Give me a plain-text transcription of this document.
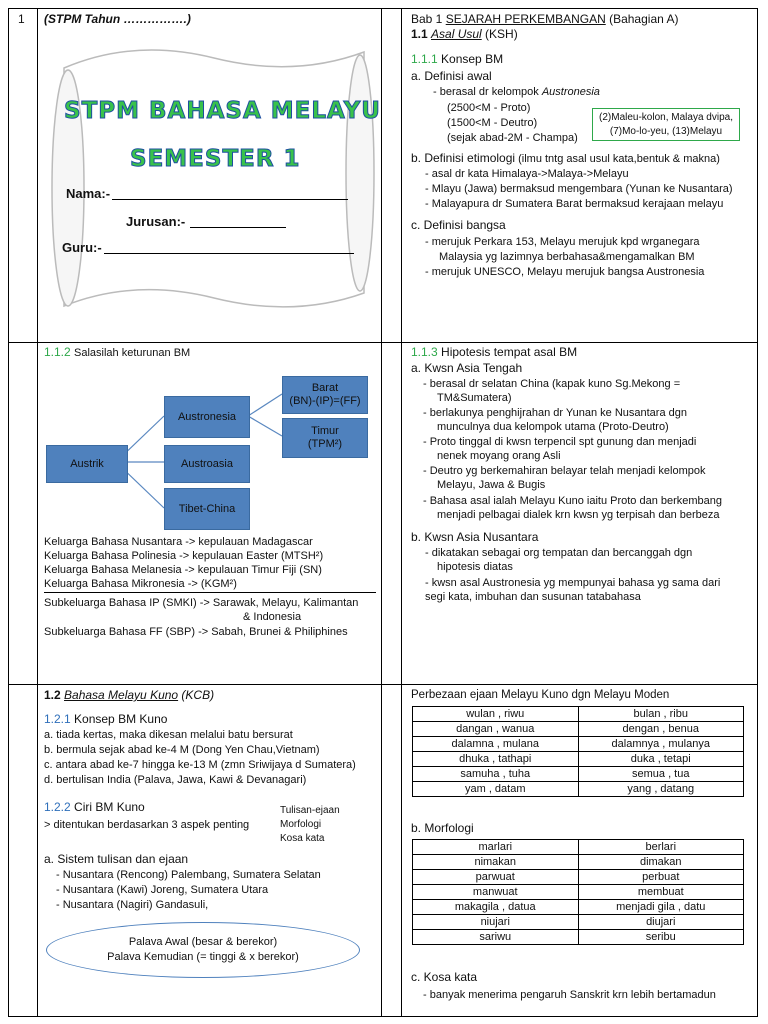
1 (STPM Tahun …………….)
STPM BAHASA MELAYU
SEMESTER 1
Nama:-
Jurusan:-
Guru:-
Bab 1 SEJARAH PERKEMBANGAN (Bahagian A)
1.1 Asal Usul (KSH)
1.1.1 Konsep BM
a. Definisi awal
- berasal dr kelompok Austronesia
(2500<M - Proto)
(1500<M - Deutro)
(sejak abad-2M - Champa)
(2)Maleu-kolon, Malaya dvipa,
(7)Mo-lo-yeu, (13)Melayu
b. Definisi etimologi (ilmu tntg asal usul kata,bentuk & makna)
- asal dr kata Himalaya->Malaya->Melayu
- Mlayu (Jawa) bermaksud mengembara (Yunan ke Nusantara)
- Malayapura dr Sumatera Barat bermaksud kerajaan melayu
c. Definisi bangsa
- merujuk Perkara 153, Melayu merujuk kpd wrganegara
Malaysia yg lazimnya berbahasa&mengamalkan BM
- merujuk UNESCO, Melayu merujuk bangsa Austronesia
1.1.2 Salasilah keturunan BM
Austrik
Austronesia
Austroasia
Tibet-China
Barat
(BN)-(IP)=(FF)
Timur
(TPM²)
Keluarga Bahasa Nusantara -> kepulauan Madagascar
Keluarga Bahasa Polinesia -> kepulauan Easter (MTSH²)
Keluarga Bahasa Melanesia -> kepulauan Timur Fiji (SN)
Keluarga Bahasa Mikronesia -> (KGM²)
Subkeluarga Bahasa IP (SMKI) -> Sarawak, Melayu, Kalimantan
& Indonesia
Subkeluarga Bahasa FF (SBP) -> Sabah, Brunei & Philiphines
1.1.3 Hipotesis tempat asal BM
a. Kwsn Asia Tengah
- berasal dr selatan China (kapak kuno Sg.Mekong =
TM&Sumatera)
- berlakunya penghijrahan dr Yunan ke Nusantara dgn
munculnya dua kelompok utama (Proto-Deutro)
- Proto tinggal di kwsn terpencil spt gunung dan menjadi
nenek moyang orang Asli
- Deutro yg berkemahiran belayar telah menjadi kelompok
Melayu, Jawa & Bugis
- Bahasa asal ialah Melayu Kuno iaitu Proto dan berkembang
menjadi pelbagai dialek krn kwsn yg terpisah dan berbeza
b. Kwsn Asia Nusantara
- dikatakan sebagai org tempatan dan bercanggah dgn
hipotesis diatas
- kwsn asal Austronesia yg mempunyai bahasa yg sama dari
segi kata, imbuhan dan susunan tatabahasa
1.2 Bahasa Melayu Kuno (KCB)
1.2.1 Konsep BM Kuno
a. tiada kertas, maka dikesan melalui batu bersurat
b. bermula sejak abad ke-4 M (Dong Yen Chau,Vietnam)
c. antara abad ke-7 hingga ke-13 M (zmn Sriwijaya d Sumatera)
d. bertulisan India (Palava, Jawa, Kawi & Devanagari)
1.2.2 Ciri BM Kuno
> ditentukan berdasarkan 3 aspek penting
Tulisan-ejaan
Morfologi
Kosa kata
a. Sistem tulisan dan ejaan
- Nusantara (Rencong) Palembang, Sumatera Selatan
- Nusantara (Kawi) Joreng, Sumatera Utara
- Nusantara (Nagiri) Gandasuli,
Palava Awal (besar & berekor)
Palava Kemudian (= tinggi & x berekor)
Perbezaan ejaan Melayu Kuno dgn Melayu Moden
wulan , riwu	bulan , ribu
dangan , wanua	dengan , benua
dalamna , mulana	dalamnya , mulanya
dhuka , tathapi	duka , tetapi
samuha , tuha	semua , tua
yam , datam	yang , datang
b. Morfologi
marlari	berlari
nimakan	dimakan
parwuat	perbuat
manwuat	membuat
makagila , datua	menjadi gila , datu
niujari	diujari
sariwu	seribu
c. Kosa kata
- banyak menerima pengaruh Sanskrit krn lebih bertamadun
